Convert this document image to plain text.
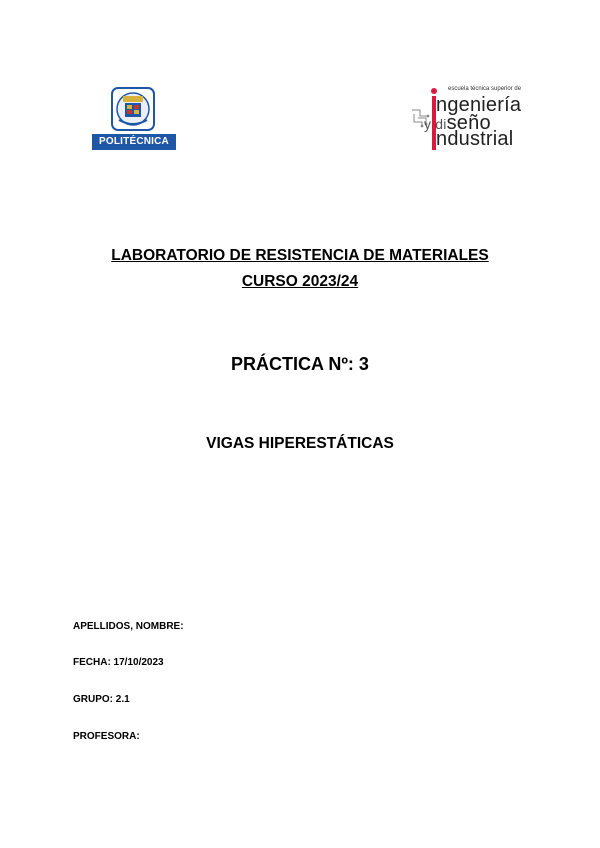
POLITÉCNICA
escuela técnica superior de
ngeniería
y diseño
ndustrial
LABORATORIO DE RESISTENCIA DE MATERIALES
CURSO 2023/24
PRÁCTICA Nº: 3
VIGAS HIPERESTÁTICAS
APELLIDOS, NOMBRE:
FECHA: 17/10/2023
GRUPO: 2.1
PROFESORA:
